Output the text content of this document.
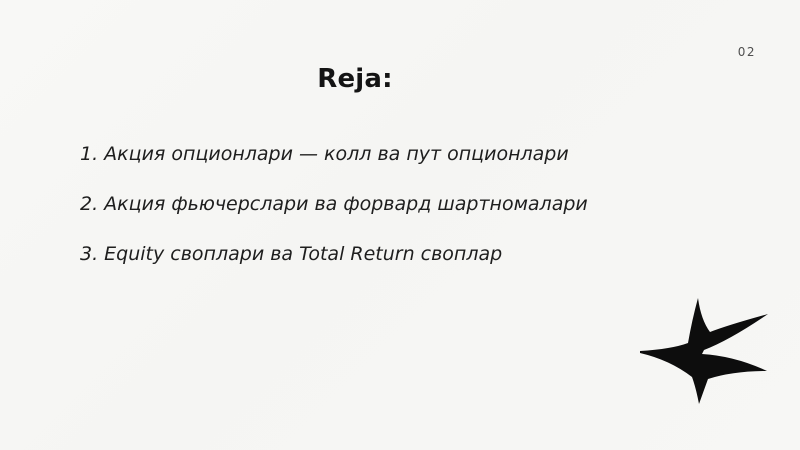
02
Reja:
1. Акция опционлари — колл ва пут опционлари
2. Акция фьючерслари ва форвард шартномалари
3. Equity своплари ва Total Return своплар
